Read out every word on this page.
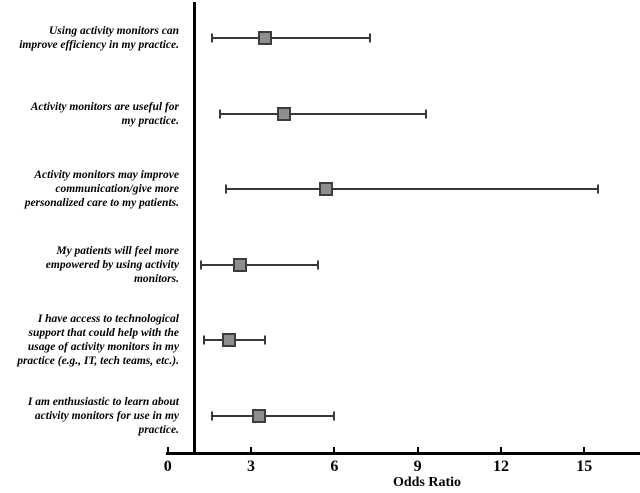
Using activity monitors can
improve efficiency in my practice.
Activity monitors are useful for
my practice.
Activity monitors may improve
communication/give more
personalized care to my patients.
My patients will feel more
empowered by using activity
monitors.
I have access to technological
support that could help with the
usage of activity monitors in my
practice (e.g., IT, tech teams, etc.).
I am enthusiastic to learn about
activity monitors for use in my
practice.
0	3	6	9	12	15
Odds Ratio
